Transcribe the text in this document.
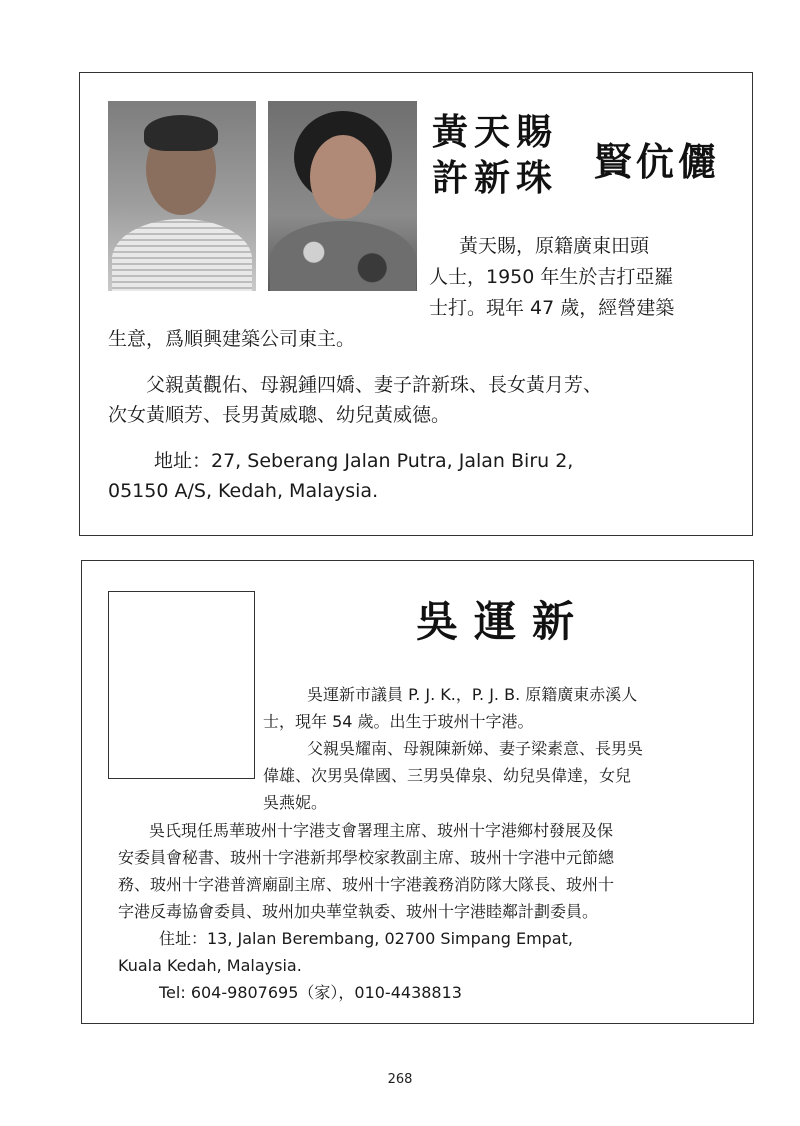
黃天賜
許新珠 賢伉儷
黃天賜，原籍廣東田頭
人士，1950 年生於吉打亞羅
士打。現年 47 歲，經營建築
生意，爲順興建築公司東主。
父親黃觀佑、母親鍾四嬌、妻子許新珠、長女黃月芳、
次女黃順芳、長男黃威聰、幼兒黃威德。
地址：27, Seberang Jalan Putra, Jalan Biru 2,
05150 A/S, Kedah, Malaysia.
吳運新
吳運新市議員 P. J. K.，P. J. B. 原籍廣東赤溪人
士，現年 54 歲。出生于玻州十字港。
父親吳耀南、母親陳新娣、妻子梁素意、長男吳
偉雄、次男吳偉國、三男吳偉泉、幼兒吳偉達，女兒
吳燕妮。
吳氏現任馬華玻州十字港支會署理主席、玻州十字港鄉村發展及保
安委員會秘書、玻州十字港新邦學校家教副主席、玻州十字港中元節總
務、玻州十字港普濟廟副主席、玻州十字港義務消防隊大隊長、玻州十
字港反毒協會委員、玻州加央華堂執委、玻州十字港睦鄰計劃委員。
住址：13, Jalan Berembang, 02700 Simpang Empat,
Kuala Kedah, Malaysia.
Tel: 604-9807695（家），010-4438813
268
